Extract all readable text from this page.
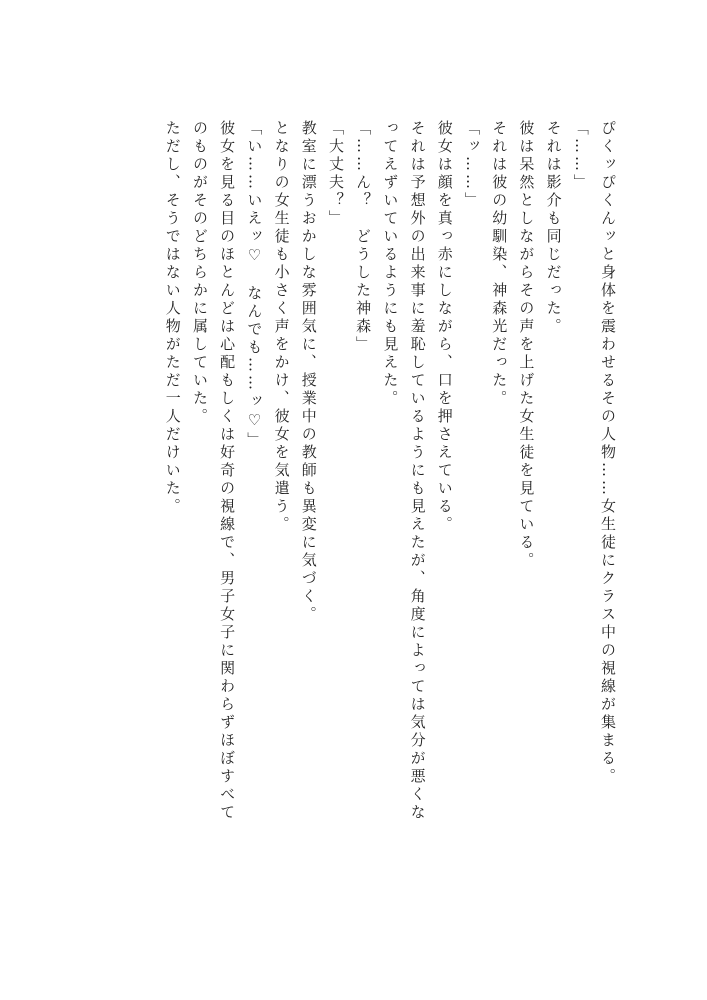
ぴくッぴくんッと身体を震わせるその人物……女生徒にクラス中の視線が集まる。
「……」
それは影介も同じだった。
彼は呆然としながらその声を上げた女生徒を見ている。
それは彼の幼馴染、神森光だった。
「ッ……」
彼女は顔を真っ赤にしながら、口を押さえている。
それは予想外の出来事に羞恥しているようにも見えたが、角度によっては気分が悪くな
ってえずいているようにも見えた。
「……ん？　どうした神森」
「大丈夫？」
教室に漂うおかしな雰囲気に、授業中の教師も異変に気づく。
となりの女生徒も小さく声をかけ、彼女を気遣う。
「い……いえッ♡　なんでも……ッ♡」
彼女を見る目のほとんどは心配もしくは好奇の視線で、男子女子に関わらずほぼすべて
のものがそのどちらかに属していた。
ただし、そうではない人物がただ一人だけいた。
